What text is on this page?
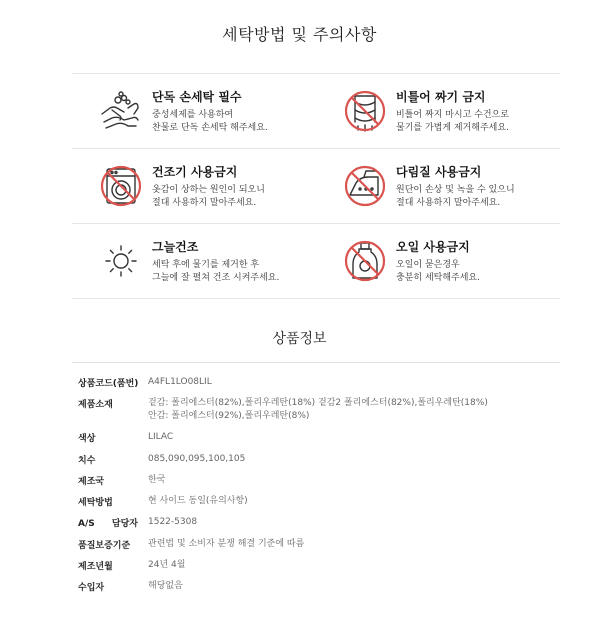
세탁방법 및 주의사항
단독 손세탁 필수
중성세제를 사용하여
찬물로 단독 손세탁 해주세요.
비틀어 짜기 금지
비틀어 짜지 마시고 수건으로
물기를 가볍게 제거해주세요.
건조기 사용금지
옷감이 상하는 원인이 되오니
절대 사용하지 말아주세요.
다림질 사용금지
원단이 손상 및 녹을 수 있으니
절대 사용하지 말아주세요.
그늘건조
세탁 후에 물기를 제거한 후
그늘에 잘 펼쳐 건조 시켜주세요.
오일 사용금지
오일이 묻은경우
충분히 세탁해주세요.
상품정보
상품코드(품번) A4FL1LO08LIL
제품소재	겉감: 폴리에스터(82%),폴리우레탄(18%) 겉감2 폴리에스터(82%),폴리우레탄(18%)
안감: 폴리에스터(92%),폴리우레탄(8%)
색상	LILAC
치수	085,090,095,100,105
제조국	한국
세탁방법	현 사이드 동일(유의사항)
A/S 담당자 1522-5308
품질보증기준	관련법 및 소비자 분쟁 해결 기준에 따름
제조년월	24년 4월
수입자	해당없음
